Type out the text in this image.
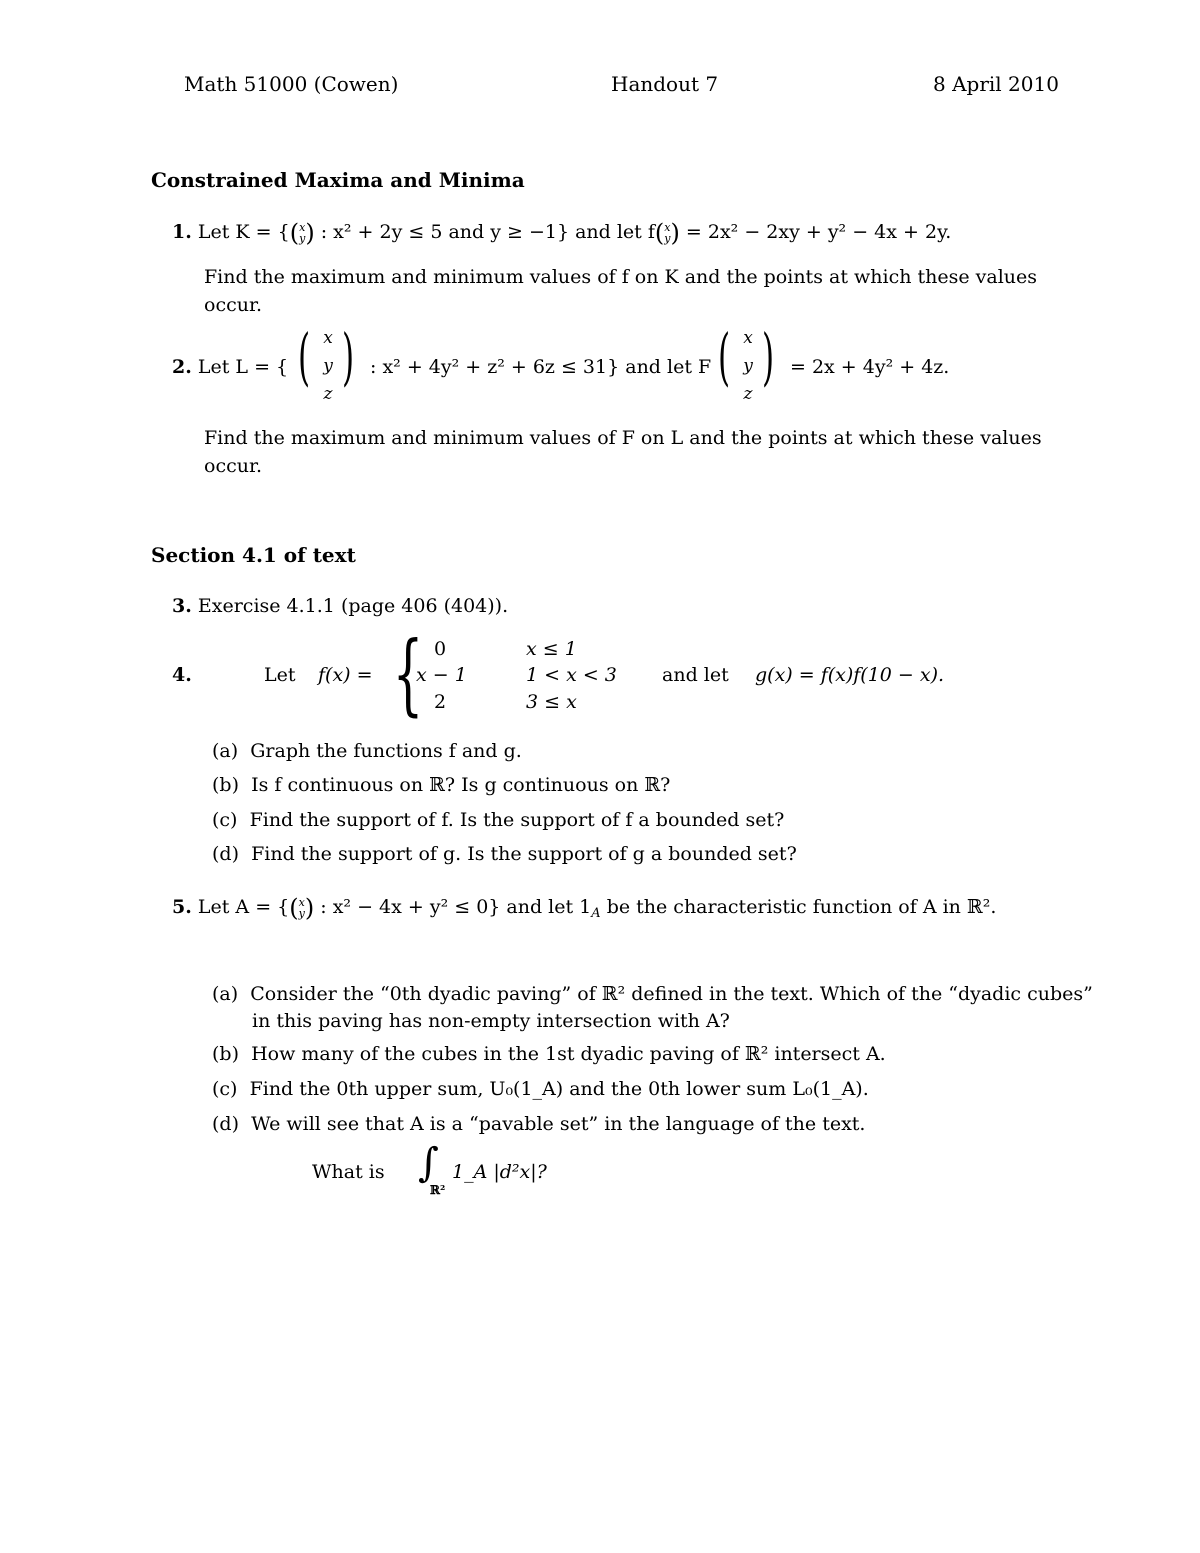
Math 51000 (Cowen)	Handout 7	8 April 2010
Constrained Maxima and Minima
1. Let K = {(x
y) : x² + 2y ≤ 5 and y ≥ −1} and let f(x
y) = 2x² − 2xy + y² − 4x + 2y.
Find the maximum and minimum values of f on K and the points at which these values
occur.
2. Let L = { ( )
x
y
z
: x² + 4y² + z² + 6z ≤ 31} and let F ( )
x
y
z
= 2x + 4y² + 4z.
Find the maximum and minimum values of F on L and the points at which these values
occur.
Section 4.1 of text
3. Exercise 4.1.1 (page 406 (404)).
4.	Let f(x) = { 0	x ≤ 1
x − 1	1 < x < 3
2	3 ≤ x
and let g(x) = f(x)f(10 − x).
(a) Graph the functions f and g.
(b) Is f continuous on ℝ? Is g continuous on ℝ?
(c) Find the support of f. Is the support of f a bounded set?
(d) Find the support of g. Is the support of g a bounded set?
5. Let A = {(x
y) : x² − 4x + y² ≤ 0} and let $1_A$ be the characteristic function of A in ℝ².
(a) Consider the “0th dyadic paving” of ℝ² defined in the text. Which of the “dyadic cubes”
in this paving has non-empty intersection with A?
(b) How many of the cubes in the 1st dyadic paving of ℝ² intersect A.
(c) Find the 0th upper sum, U₀(1_A) and the 0th lower sum L₀(1_A).
(d) We will see that A is a “pavable set” in the language of the text.
What is ∫
ℝ²
1_A |d²x|?
